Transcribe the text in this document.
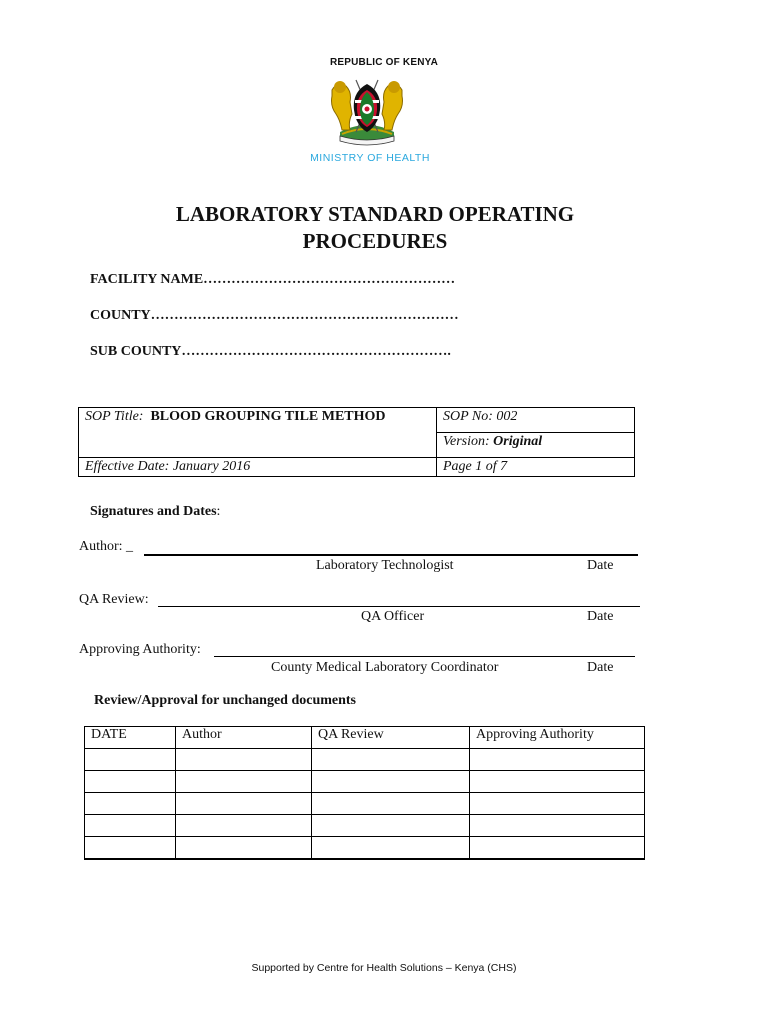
REPUBLIC OF KENYA
MINISTRY OF HEALTH
LABORATORY STANDARD OPERATING
PROCEDURES
FACILITY NAME………………………………………………
COUNTY…………………………………………………………
SUB COUNTY………………………………………………….
SOP Title: BLOOD GROUPING TILE METHOD	SOP No: 002
	Version: Original
Effective Date: January 2016	Page 1 of 7
Signatures and Dates:
Author: _
Laboratory Technologist	Date
QA Review:
QA Officer	Date
Approving Authority:
County Medical Laboratory Coordinator	Date
Review/Approval for unchanged documents
DATE	Author	QA Review	Approving Authority

Supported by Centre for Health Solutions – Kenya (CHS)
